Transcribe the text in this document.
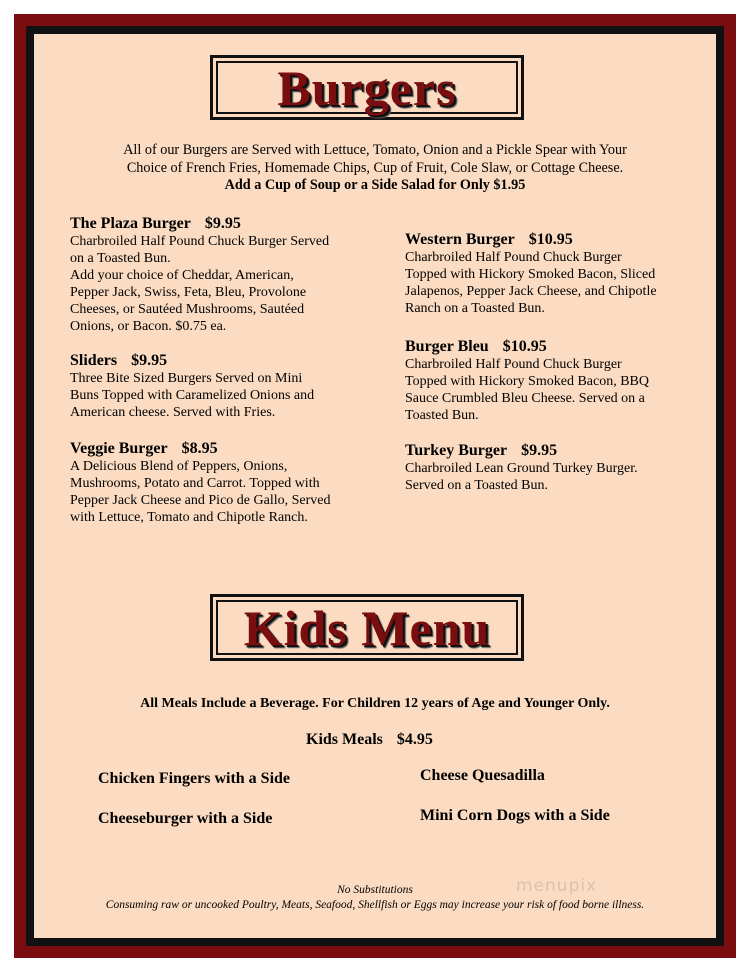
Burgers
All of our Burgers are Served with Lettuce, Tomato, Onion and a Pickle Spear with Your
Choice of French Fries, Homemade Chips, Cup of Fruit, Cole Slaw, or Cottage Cheese.
Add a Cup of Soup or a Side Salad for Only $1.95
The Plaza Burger $9.95
Charbroiled Half Pound Chuck Burger Served
on a Toasted Bun.
Add your choice of Cheddar, American,
Pepper Jack, Swiss, Feta, Bleu, Provolone
Cheeses, or Sautéed Mushrooms, Sautéed
Onions, or Bacon. $0.75 ea.
Sliders $9.95
Three Bite Sized Burgers Served on Mini
Buns Topped with Caramelized Onions and
American cheese. Served with Fries.
Veggie Burger $8.95
A Delicious Blend of Peppers, Onions,
Mushrooms, Potato and Carrot. Topped with
Pepper Jack Cheese and Pico de Gallo, Served
with Lettuce, Tomato and Chipotle Ranch.
Western Burger $10.95
Charbroiled Half Pound Chuck Burger
Topped with Hickory Smoked Bacon, Sliced
Jalapenos, Pepper Jack Cheese, and Chipotle
Ranch on a Toasted Bun.
Burger Bleu $10.95
Charbroiled Half Pound Chuck Burger
Topped with Hickory Smoked Bacon, BBQ
Sauce Crumbled Bleu Cheese. Served on a
Toasted Bun.
Turkey Burger $9.95
Charbroiled Lean Ground Turkey Burger.
Served on a Toasted Bun.
Kids Menu
All Meals Include a Beverage. For Children 12 years of Age and Younger Only.
Kids Meals $4.95
Chicken Fingers with a Side
Cheeseburger with a Side
Cheese Quesadilla
Mini Corn Dogs with a Side
No Substitutions
Consuming raw or uncooked Poultry, Meats, Seafood, Shellfish or Eggs may increase your risk of food borne illness.
menupix
